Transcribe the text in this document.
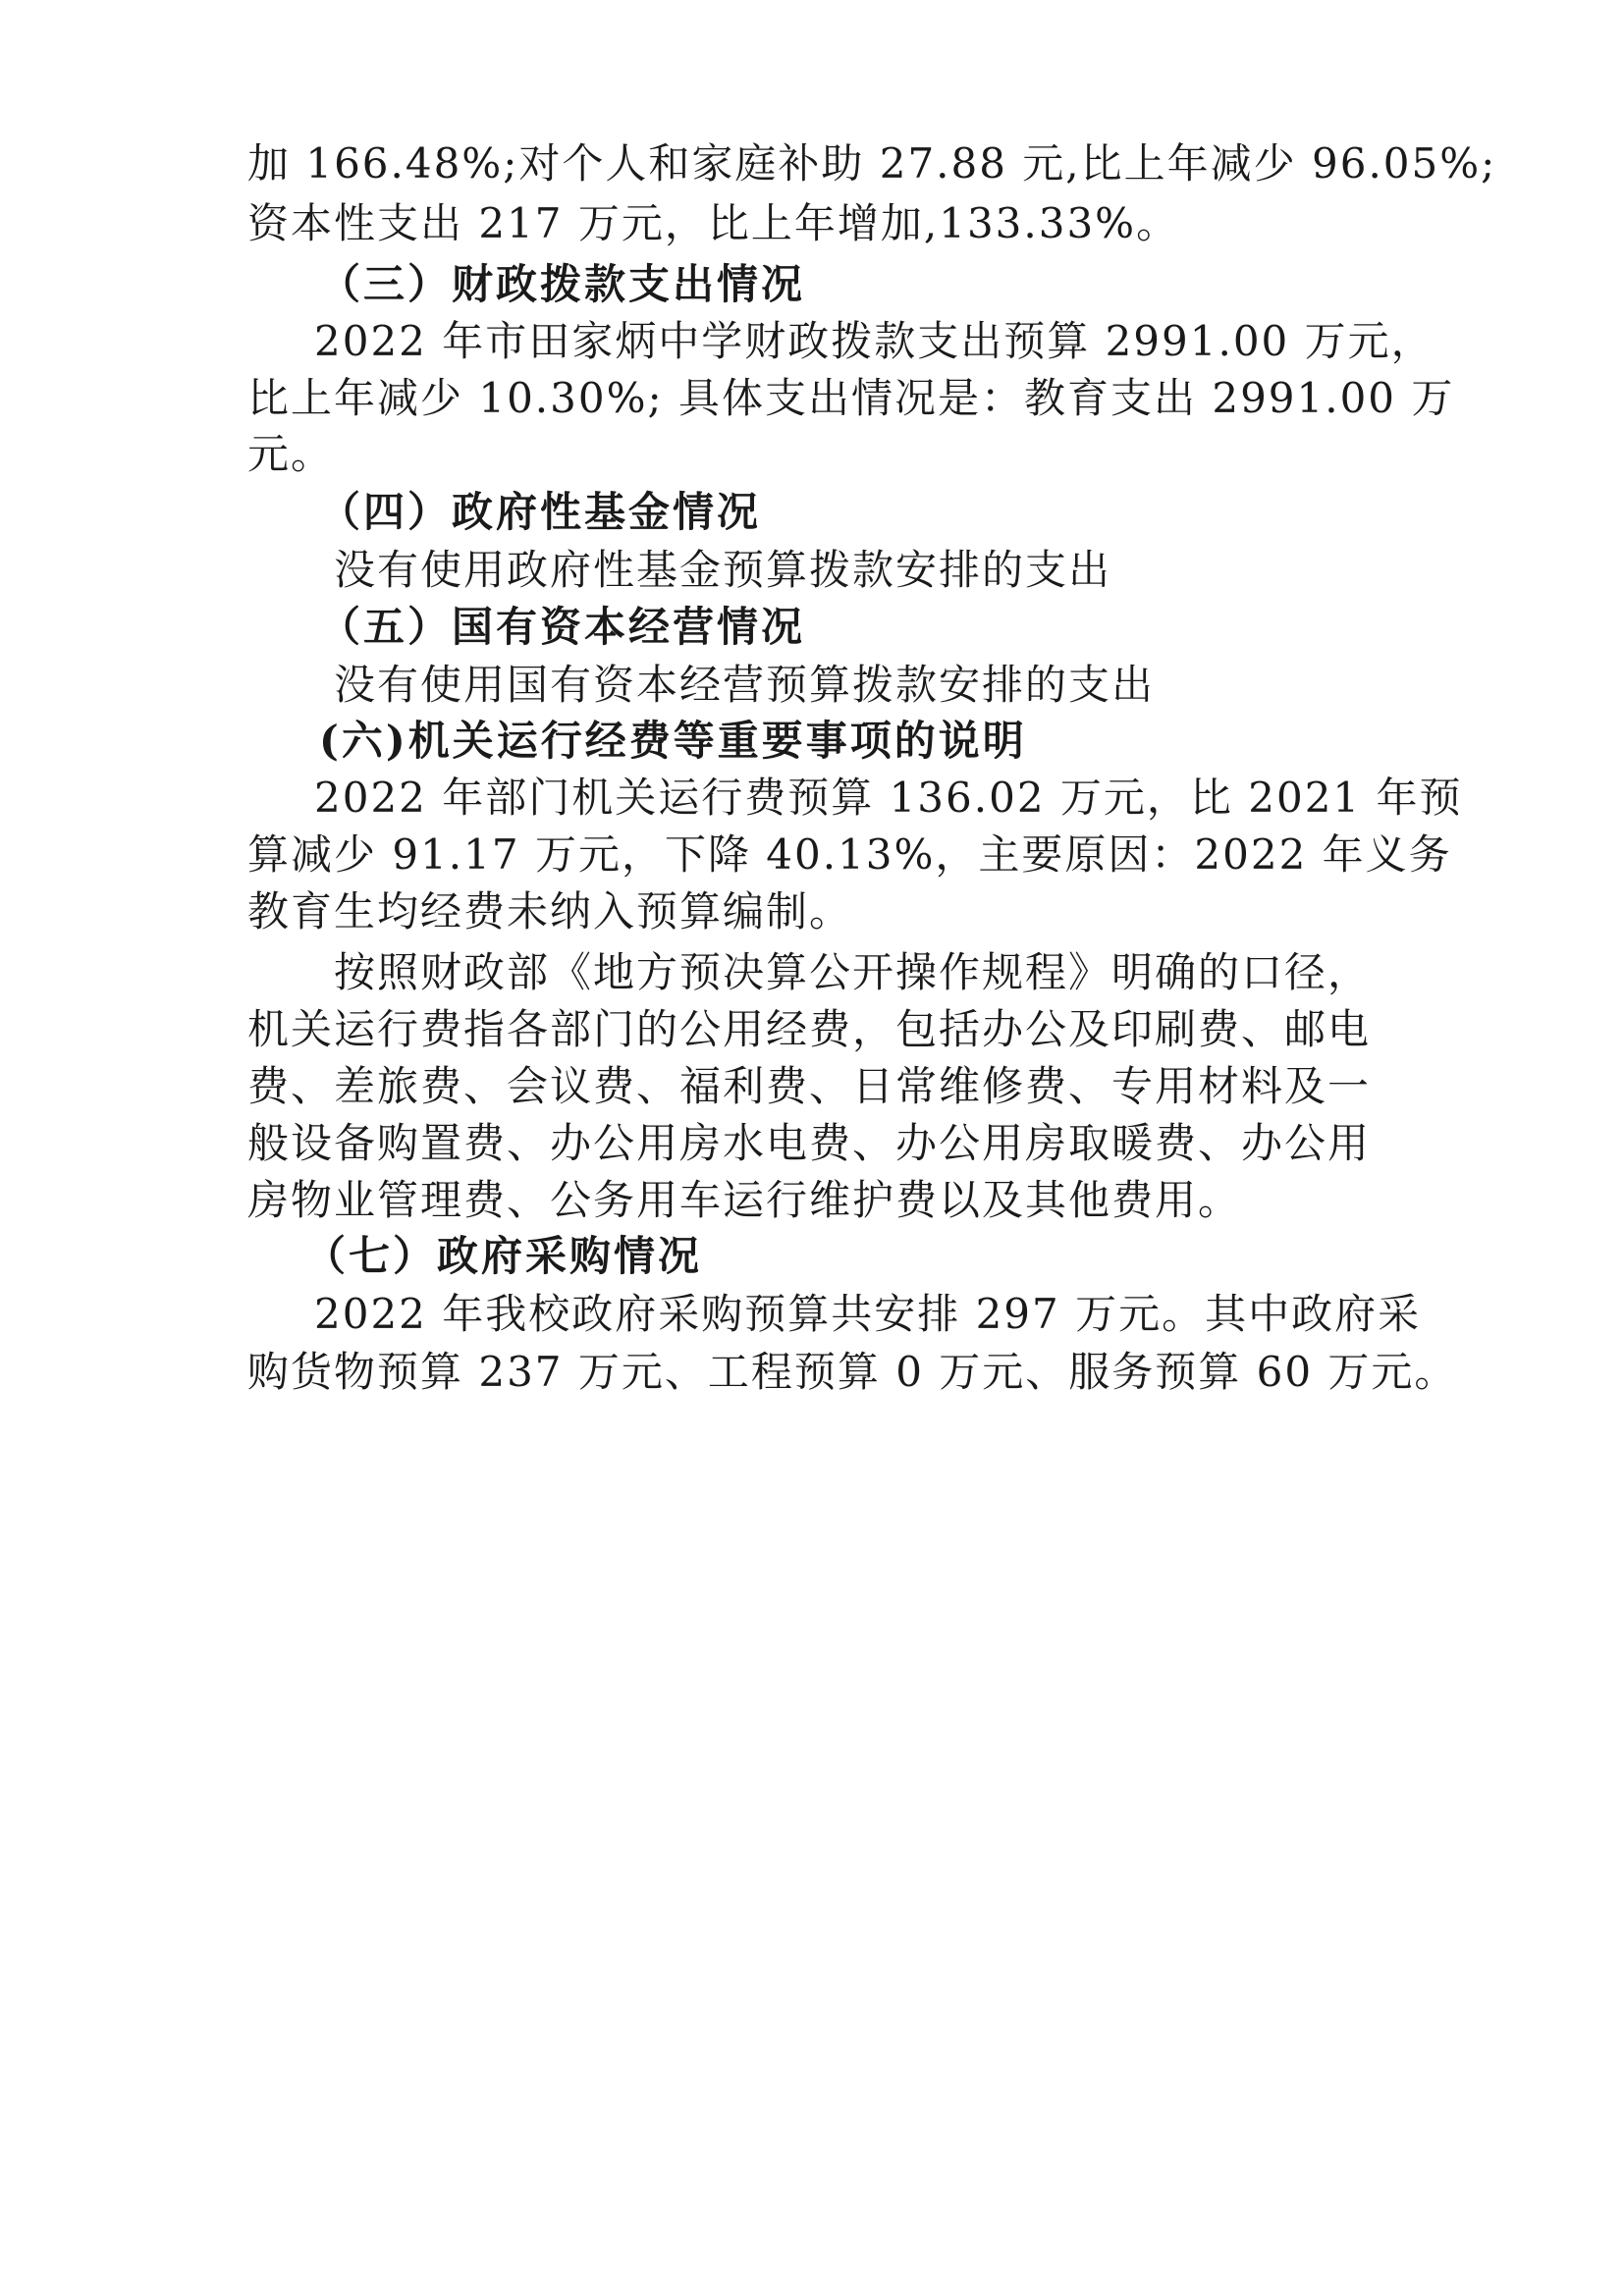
加 166.48%;对个人和家庭补助 27.88 元,比上年减少 96.05%;
资本性支出 217 万元，比上年增加,133.33%。
（三）财政拨款支出情况
2022 年市田家炳中学财政拨款支出预算 2991.00 万元，
比上年减少 10.30%; 具体支出情况是：教育支出 2991.00 万
元。
（四）政府性基金情况
没有使用政府性基金预算拨款安排的支出
（五）国有资本经营情况
没有使用国有资本经营预算拨款安排的支出
(六)机关运行经费等重要事项的说明
2022 年部门机关运行费预算 136.02 万元，比 2021 年预
算减少 91.17 万元，下降 40.13%，主要原因：2022 年义务
教育生均经费未纳入预算编制。
按照财政部《地方预决算公开操作规程》明确的口径，
机关运行费指各部门的公用经费，包括办公及印刷费、邮电
费、差旅费、会议费、福利费、日常维修费、专用材料及一
般设备购置费、办公用房水电费、办公用房取暖费、办公用
房物业管理费、公务用车运行维护费以及其他费用。
（七）政府采购情况
2022 年我校政府采购预算共安排 297 万元。其中政府采
购货物预算 237 万元、工程预算 0 万元、服务预算 60 万元。
